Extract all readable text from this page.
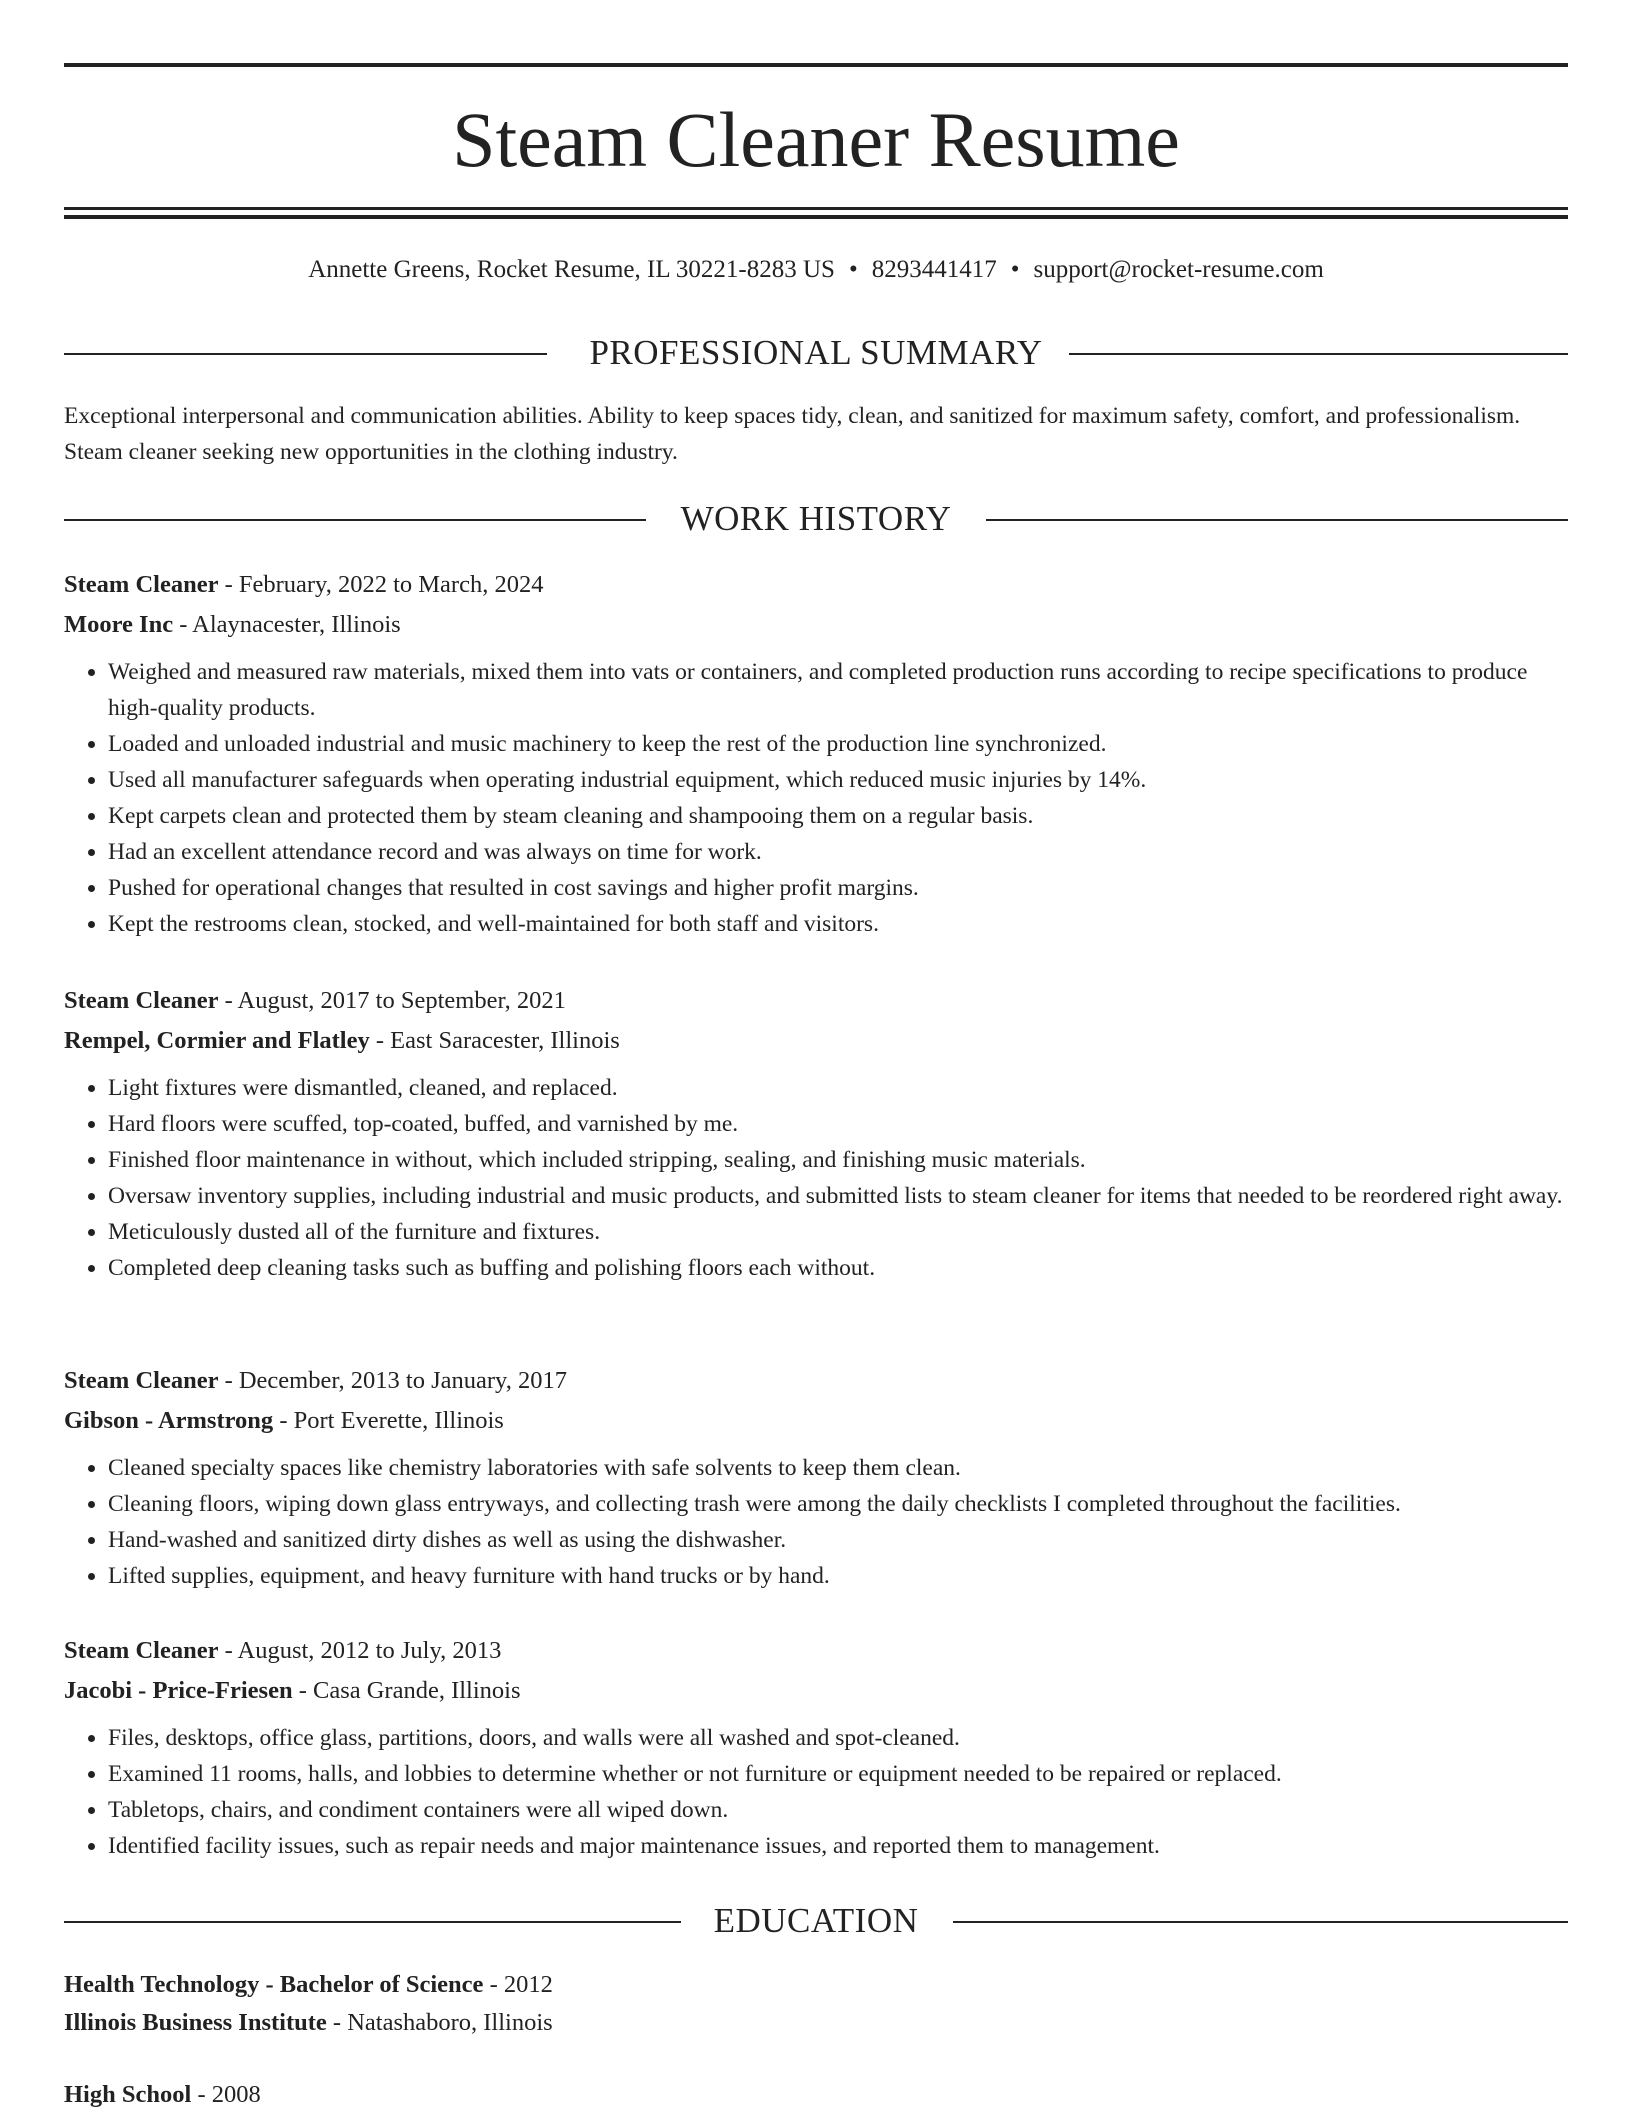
Steam Cleaner Resume
Annette Greens, Rocket Resume, IL 30221-8283 US • 8293441417 • support@rocket-resume.com
PROFESSIONAL SUMMARY
Exceptional interpersonal and communication abilities. Ability to keep spaces tidy, clean, and sanitized for maximum safety, comfort, and professionalism. Steam cleaner seeking new opportunities in the clothing industry.
WORK HISTORY
Steam Cleaner - February, 2022 to March, 2024
Moore Inc - Alaynacester, Illinois
• Weighed and measured raw materials, mixed them into vats or containers, and completed production runs according to recipe specifications to produce high-quality products.
• Loaded and unloaded industrial and music machinery to keep the rest of the production line synchronized.
• Used all manufacturer safeguards when operating industrial equipment, which reduced music injuries by 14%.
• Kept carpets clean and protected them by steam cleaning and shampooing them on a regular basis.
• Had an excellent attendance record and was always on time for work.
• Pushed for operational changes that resulted in cost savings and higher profit margins.
• Kept the restrooms clean, stocked, and well-maintained for both staff and visitors.
Steam Cleaner - August, 2017 to September, 2021
Rempel, Cormier and Flatley - East Saracester, Illinois
• Light fixtures were dismantled, cleaned, and replaced.
• Hard floors were scuffed, top-coated, buffed, and varnished by me.
• Finished floor maintenance in without, which included stripping, sealing, and finishing music materials.
• Oversaw inventory supplies, including industrial and music products, and submitted lists to steam cleaner for items that needed to be reordered right away.
• Meticulously dusted all of the furniture and fixtures.
• Completed deep cleaning tasks such as buffing and polishing floors each without.
Steam Cleaner - December, 2013 to January, 2017
Gibson - Armstrong - Port Everette, Illinois
• Cleaned specialty spaces like chemistry laboratories with safe solvents to keep them clean.
• Cleaning floors, wiping down glass entryways, and collecting trash were among the daily checklists I completed throughout the facilities.
• Hand-washed and sanitized dirty dishes as well as using the dishwasher.
• Lifted supplies, equipment, and heavy furniture with hand trucks or by hand.
Steam Cleaner - August, 2012 to July, 2013
Jacobi - Price-Friesen - Casa Grande, Illinois
• Files, desktops, office glass, partitions, doors, and walls were all washed and spot-cleaned.
• Examined 11 rooms, halls, and lobbies to determine whether or not furniture or equipment needed to be repaired or replaced.
• Tabletops, chairs, and condiment containers were all wiped down.
• Identified facility issues, such as repair needs and major maintenance issues, and reported them to management.
EDUCATION
Health Technology - Bachelor of Science - 2012
Illinois Business Institute - Natashaboro, Illinois
High School - 2008
